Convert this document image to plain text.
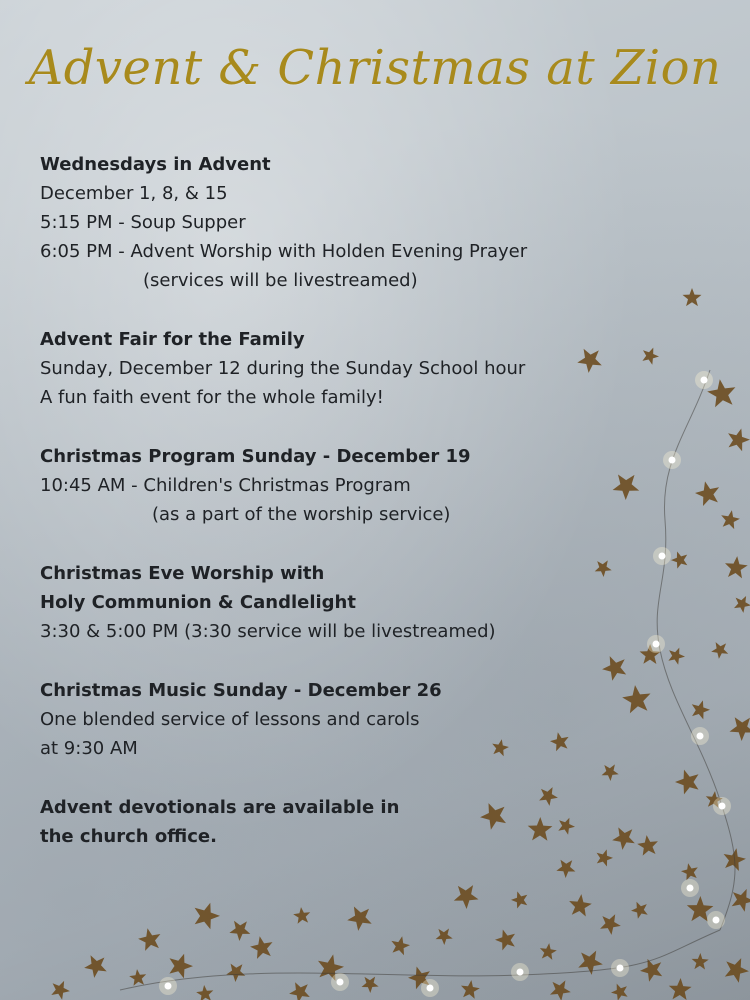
Advent & Christmas at Zion
Wednesdays in Advent
December 1, 8, & 15
5:15 PM - Soup Supper
6:05 PM - Advent Worship with Holden Evening Prayer
(services will be livestreamed)
Advent Fair for the Family
Sunday, December 12 during the Sunday School hour
A fun faith event for the whole family!
Christmas Program Sunday - December 19
10:45 AM - Children's Christmas Program
(as a part of the worship service)
Christmas Eve Worship with
Holy Communion & Candlelight
3:30 & 5:00 PM (3:30 service will be livestreamed)
Christmas Music Sunday - December 26
One blended service of lessons and carols
at 9:30 AM
Advent devotionals are available in
the church office.
